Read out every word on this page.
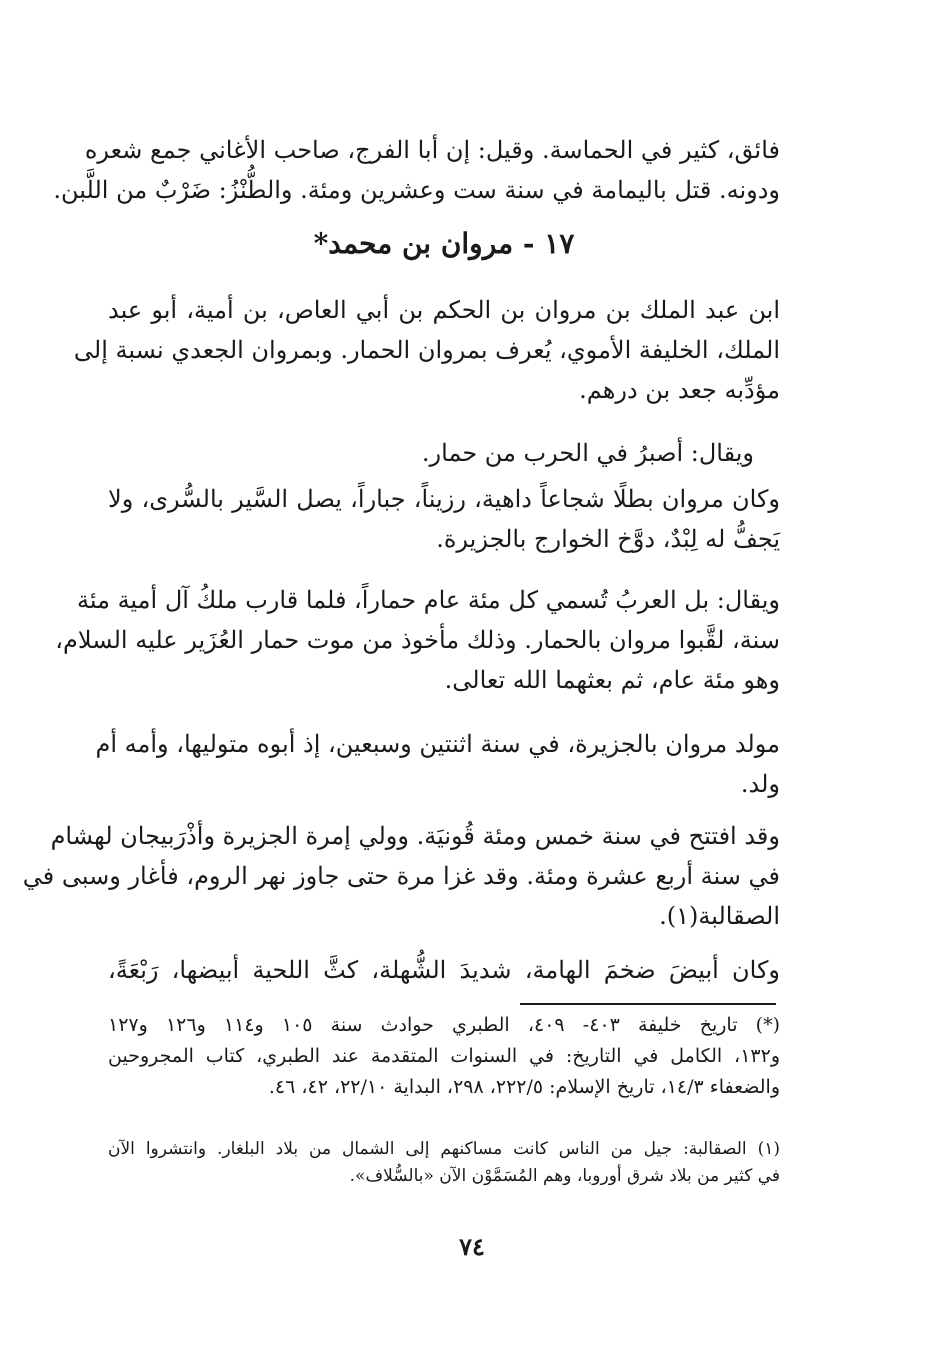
فائق، كثير في الحماسة. وقيل: إن أبا الفرج، صاحب الأغاني جمع شعره
ودونه. قتل باليمامة في سنة ست وعشرين ومئة. والطُّنْزُ: ضَرْبٌ من اللَّبن.
١٧ - مروان بن محمد*
ابن عبد الملك بن مروان بن الحكم بن أبي العاص، بن أمية، أبو عبد
الملك، الخليفة الأموي، يُعرف بمروان الحمار. وبمروان الجعدي نسبة إلى
مؤدِّبه جعد بن درهم.
ويقال: أصبرُ في الحرب من حمار.
وكان مروان بطلًا شجاعاً داهية، رزيناً، جباراً، يصل السَّير بالسُّرى، ولا
يَجفُّ له لِبْدٌ، دوَّخ الخوارج بالجزيرة.
ويقال: بل العربُ تُسمي كل مئة عام حماراً، فلما قارب ملكُ آل أمية مئة
سنة، لقَّبوا مروان بالحمار. وذلك مأخوذ من موت حمار العُزَير عليه السلام،
وهو مئة عام، ثم بعثهما الله تعالى.
مولد مروان بالجزيرة، في سنة اثنتين وسبعين، إذ أبوه متوليها، وأمه أم
ولد.
وقد افتتح في سنة خمس ومئة قُونيَة. وولي إمرة الجزيرة وأذْرَبيجان لهشام
في سنة أربع عشرة ومئة. وقد غزا مرة حتى جاوز نهر الروم، فأغار وسبى في
الصقالبة(١).
وكان أبيضَ ضخمَ الهامة، شديدَ الشُّهلة، كثَّ اللحية أبيضها، رَبْعَةً،
(*) تاريخ خليفة ٤٠٣- ٤٠٩، الطبري حوادث سنة ١٠٥ و١١٤ و١٢٦ و١٢٧
و١٣٢، الكامل في التاريخ: في السنوات المتقدمة عند الطبري، كتاب المجروحين
والضعفاء ١٤/٣، تاريخ الإسلام: ٢٢٢/٥، ٢٩٨، البداية ٢٢/١٠، ٤٢، ٤٦.
(١) الصقالبة: جيل من الناس كانت مساكنهم إلى الشمال من بلاد البلغار. وانتشروا الآن
في كثير من بلاد شرق أوروبا، وهم المُسَمَّوْن الآن «بالسُّلاف».
٧٤
